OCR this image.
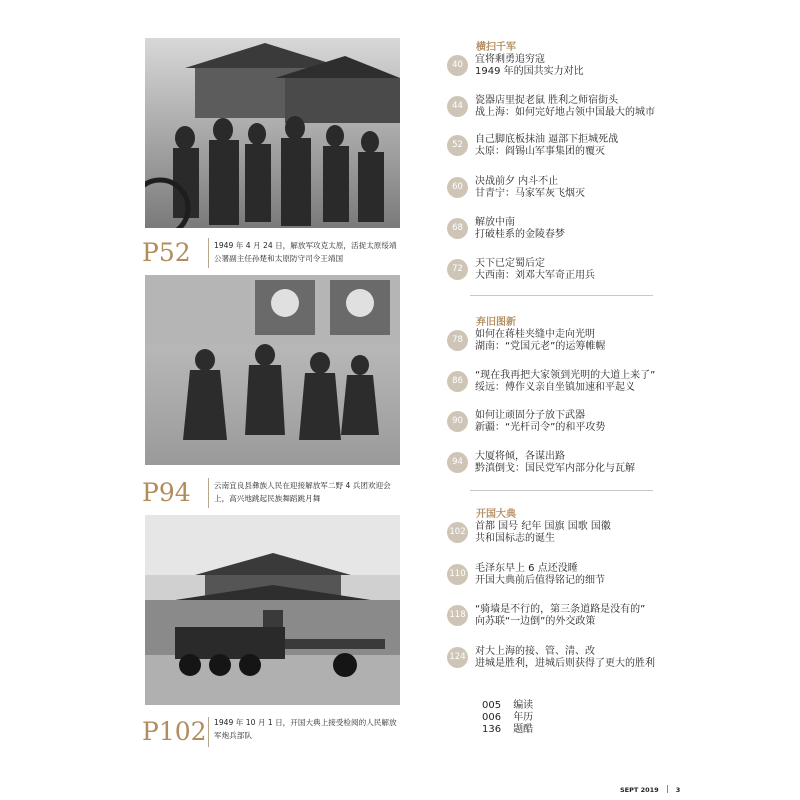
P52	1949 年 4 月 24 日，解放军攻克太原，活捉太原绥靖公署副主任孙楚和太原防守司令王靖国
P94	云南宜良县彝族人民在迎接解放军二野 4 兵团欢迎会上，高兴地跳起民族舞蹈跳月舞
P102 1949 年 10 月 1 日，开国大典上接受检阅的人民解放军炮兵部队
横扫千军
40	宜将剩勇追穷寇
1949 年的国共实力对比
44	瓷器店里捉老鼠 胜利之师宿街头
战上海：如何完好地占领中国最大的城市
52	自己脚底板抹油 逼部下拒城死战
太原：阎锡山军事集团的覆灭
60	决战前夕 内斗不止
甘青宁：马家军灰飞烟灭
68	解放中南
打破桂系的金陵春梦
72	天下已定蜀后定
大西南：刘邓大军奇正用兵
弃旧图新
78	如何在蒋桂夹缝中走向光明
湖南：“党国元老”的运筹帷幄
86	“现在我再把大家领到光明的大道上来了”
绥远：傅作义亲自坐镇加速和平起义
90	如何让顽固分子放下武器
新疆：“光杆司令”的和平攻势
94	大厦将倾，各谋出路
黔滇倒戈：国民党军内部分化与瓦解
开国大典
102 首都 国号 纪年 国旗 国歌 国徽
共和国标志的诞生
110 毛泽东早上 6 点还没睡
开国大典前后值得铭记的细节
118 “骑墙是不行的，第三条道路是没有的”
向苏联“一边倒”的外交政策
124 对大上海的接、管、清、改
进城是胜利，进城后则获得了更大的胜利
005 编读
006 年历
136 题酷
SEPT 2019	3
